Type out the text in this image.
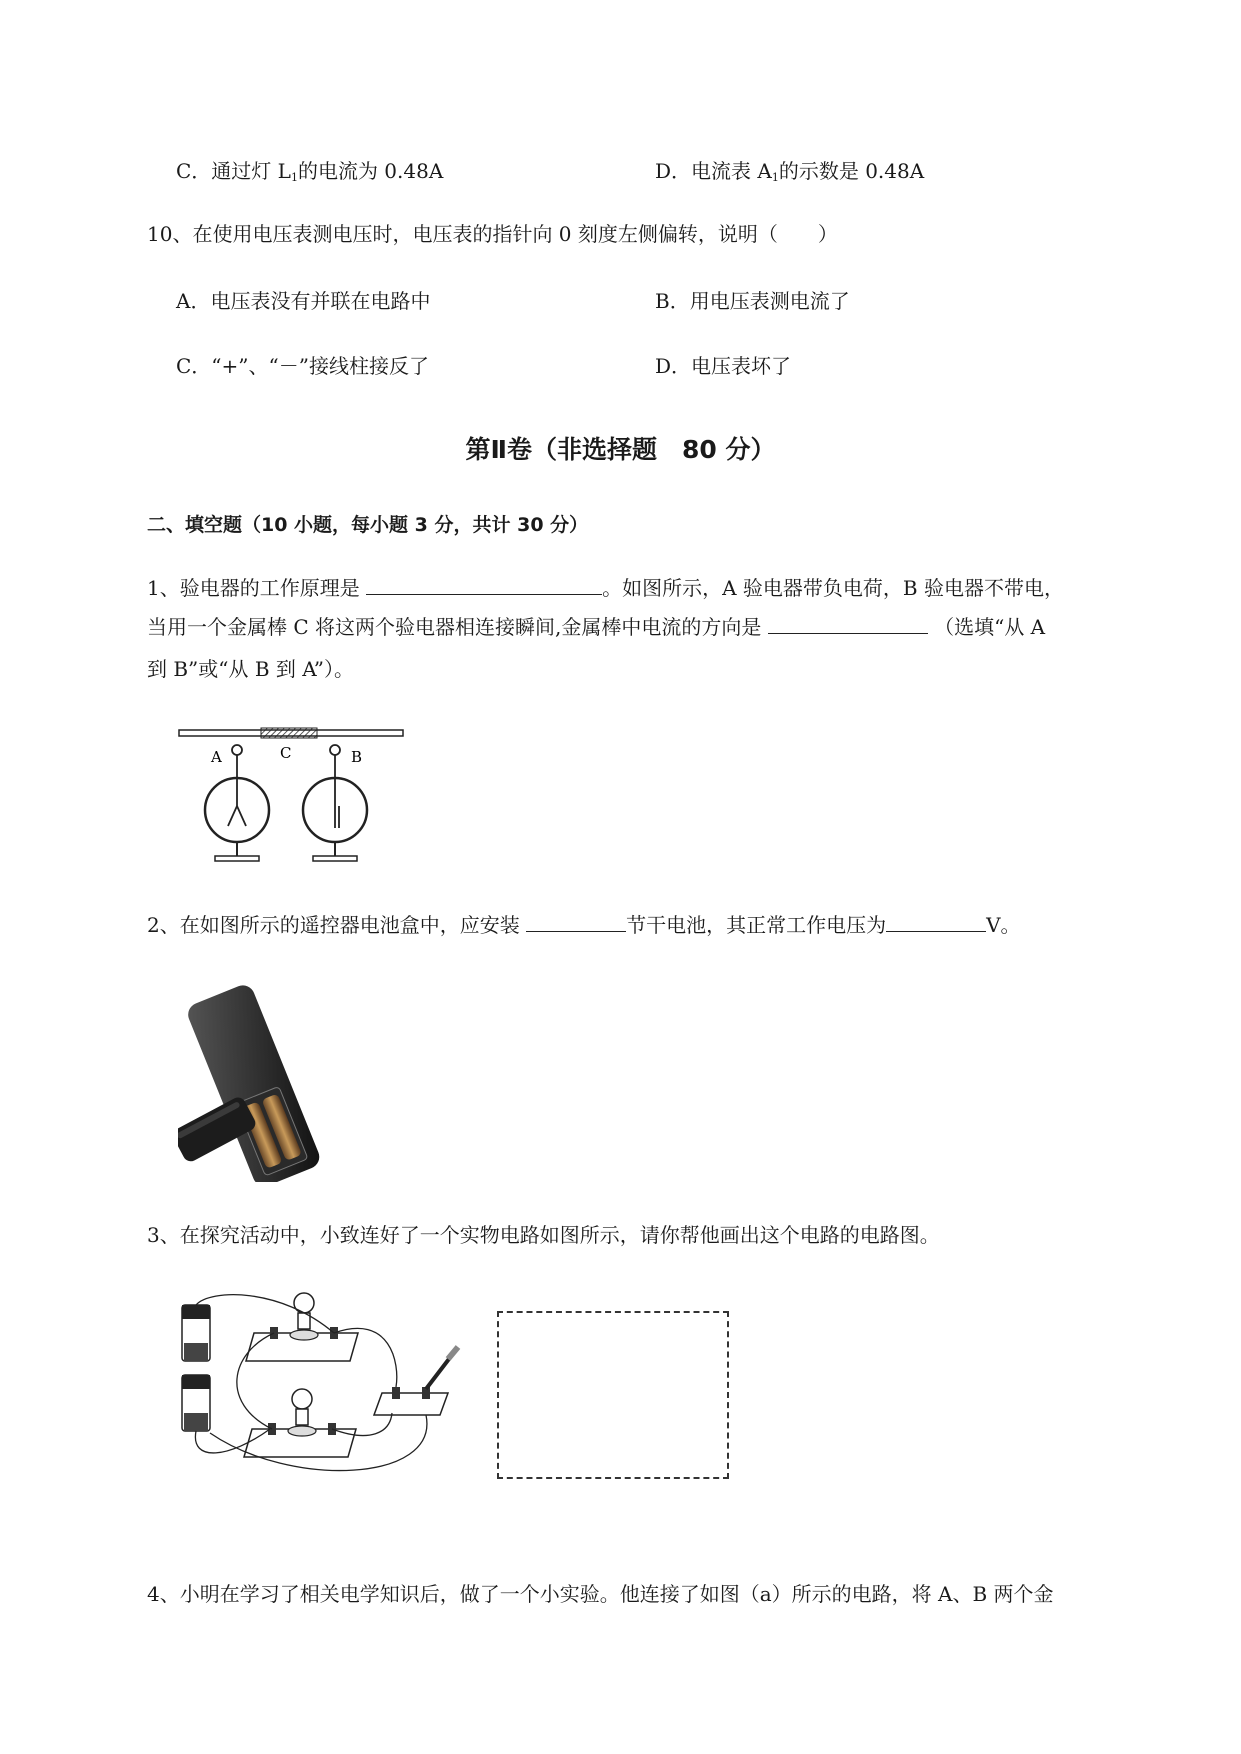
C．通过灯 $L_1$的电流为 0.48A	D．电流表 $A_1$的示数是 0.48A
10、在使用电压表测电压时，电压表的指针向 0 刻度左侧偏转，说明（　　）
A．电压表没有并联在电路中	B．用电压表测电流了
C．“+”、“－”接线柱接反了	D．电压表坏了
第Ⅱ卷（非选择题　80 分）
二、填空题（10 小题，每小题 3 分，共计 30 分）
1、验电器的工作原理是	。如图所示，A 验电器带负电荷，B 验电器不带电，
当用一个金属棒 C 将这两个验电器相连接瞬间,金属棒中电流的方向是	（选填“从 A
到 B”或“从 B 到 A”）。
A	C	B
2、在如图所示的遥控器电池盒中，应安装	节干电池，其正常工作电压为	V。
3、在探究活动中，小致连好了一个实物电路如图所示，请你帮他画出这个电路的电路图。
4、小明在学习了相关电学知识后，做了一个小实验。他连接了如图（a）所示的电路，将 A、B 两个金
